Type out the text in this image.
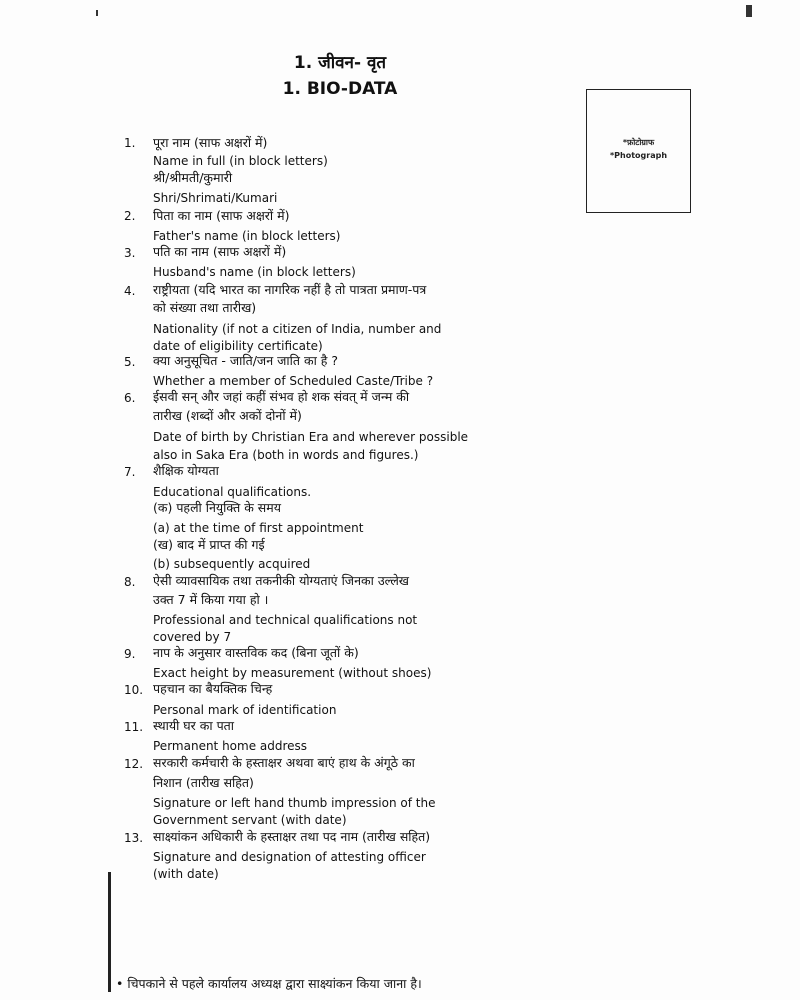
1. जीवन- वृत
1. BIO-DATA
*फ़ोटोग्राफ
*Photograph
1. पूरा नाम (साफ अक्षरों में)
Name in full (in block letters)
श्री/श्रीमती/कुमारी
Shri/Shrimati/Kumari
2. पिता का नाम (साफ अक्षरों में)
Father's name (in block letters)
3. पति का नाम (साफ अक्षरों में)
Husband's name (in block letters)
4. राष्ट्रीयता (यदि भारत का नागरिक नहीं है तो पात्रता प्रमाण-पत्र
को संख्या तथा तारीख)
Nationality (if not a citizen of India, number and
date of eligibility certificate)
5. क्या अनुसूचित - जाति/जन जाति का है ?
Whether a member of Scheduled Caste/Tribe ?
6. ईसवी सन् और जहां कहीं संभव हो शक संवत् में जन्म की
तारीख (शब्दों और अकों दोनों में)
Date of birth by Christian Era and wherever possible
also in Saka Era (both in words and figures.)
7. शैक्षिक योग्यता
Educational qualifications.
(क) पहली नियुक्ति के समय
(a) at the time of first appointment
(ख) बाद में प्राप्त की गई
(b) subsequently acquired
8. ऐसी व्यावसायिक तथा तकनीकी योग्यताएं जिनका उल्लेख
उक्त 7 में किया गया हो ।
Professional and technical qualifications not
covered by 7
9. नाप के अनुसार वास्तविक कद (बिना जूतों के)
Exact height by measurement (without shoes)
10. पहचान का बैयक्तिक चिन्ह
Personal mark of identification
11. स्थायी घर का पता
Permanent home address
12. सरकारी कर्मचारी के हस्ताक्षर अथवा बाएं हाथ के अंगूठे का
निशान (तारीख सहित)
Signature or left hand thumb impression of the
Government servant (with date)
13. साक्ष्यांकन अधिकारी के हस्ताक्षर तथा पद नाम (तारीख सहित)
Signature and designation of attesting officer
(with date)
• चिपकाने से पहले कार्यालय अध्यक्ष द्वारा साक्ष्यांकन किया जाना है।
